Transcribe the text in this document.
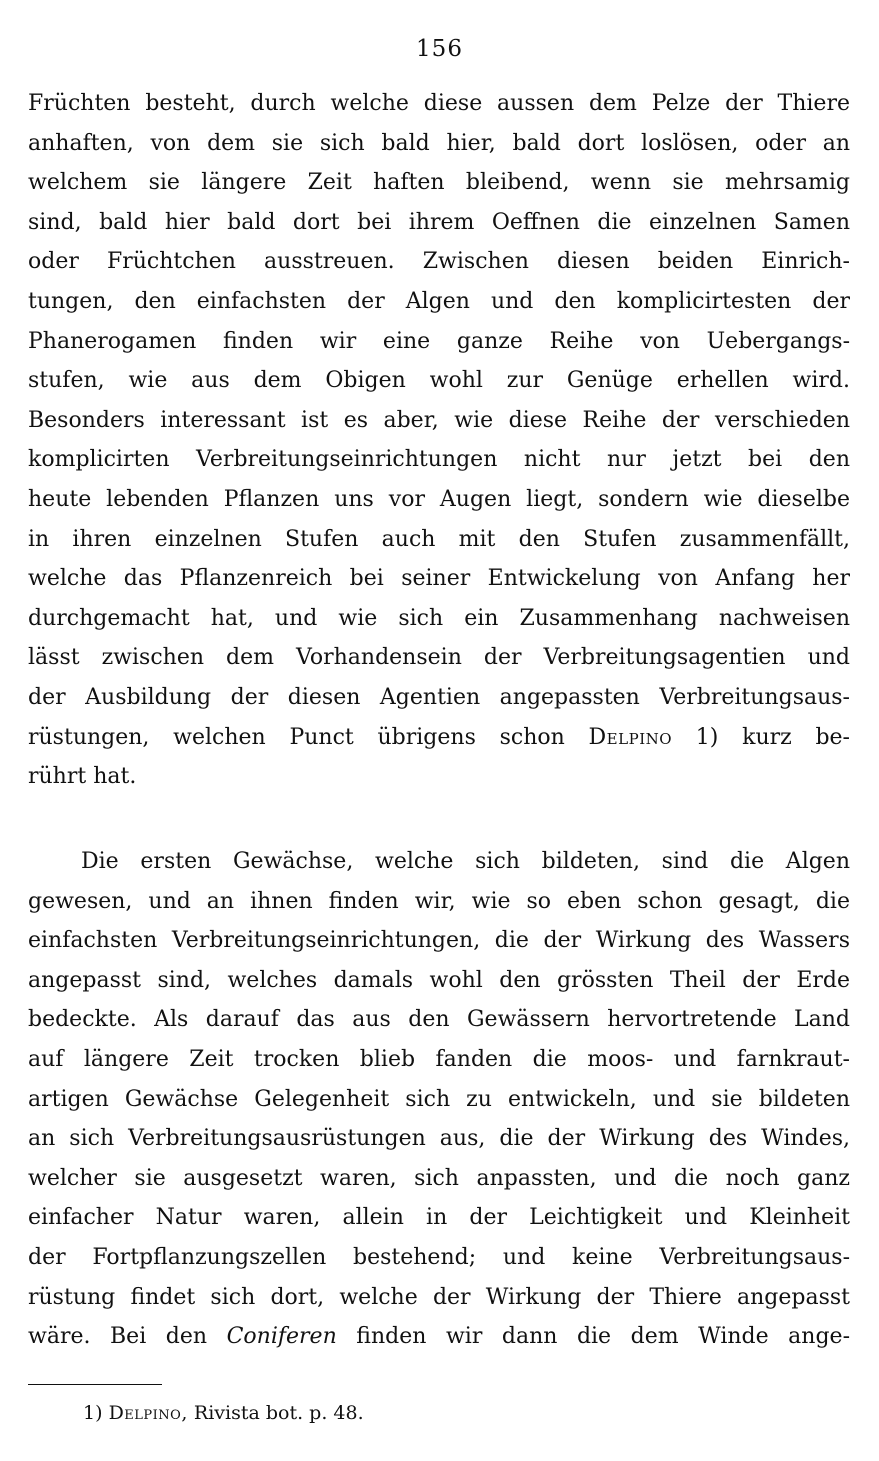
156
Früchten besteht, durch welche diese aussen dem Pelze der Thiere
anhaften, von dem sie sich bald hier, bald dort loslösen, oder an
welchem sie längere Zeit haften bleibend, wenn sie mehrsamig
sind, bald hier bald dort bei ihrem Oeffnen die einzelnen Samen
oder Früchtchen ausstreuen. Zwischen diesen beiden Einrich-
tungen, den einfachsten der Algen und den komplicirtesten der
Phanerogamen finden wir eine ganze Reihe von Uebergangs-
stufen, wie aus dem Obigen wohl zur Genüge erhellen wird.
Besonders interessant ist es aber, wie diese Reihe der verschieden
komplicirten Verbreitungseinrichtungen nicht nur jetzt bei den
heute lebenden Pflanzen uns vor Augen liegt, sondern wie dieselbe
in ihren einzelnen Stufen auch mit den Stufen zusammenfällt,
welche das Pflanzenreich bei seiner Entwickelung von Anfang her
durchgemacht hat, und wie sich ein Zusammenhang nachweisen
lässt zwischen dem Vorhandensein der Verbreitungsagentien und
der Ausbildung der diesen Agentien angepassten Verbreitungsaus-
rüstungen, welchen Punct übrigens schon Delpino 1) kurz be-
rührt hat.
Die ersten Gewächse, welche sich bildeten, sind die Algen
gewesen, und an ihnen finden wir, wie so eben schon gesagt, die
einfachsten Verbreitungseinrichtungen, die der Wirkung des Wassers
angepasst sind, welches damals wohl den grössten Theil der Erde
bedeckte. Als darauf das aus den Gewässern hervortretende Land
auf längere Zeit trocken blieb fanden die moos- und farnkraut-
artigen Gewächse Gelegenheit sich zu entwickeln, und sie bildeten
an sich Verbreitungsausrüstungen aus, die der Wirkung des Windes,
welcher sie ausgesetzt waren, sich anpassten, und die noch ganz
einfacher Natur waren, allein in der Leichtigkeit und Kleinheit
der Fortpflanzungszellen bestehend; und keine Verbreitungsaus-
rüstung findet sich dort, welche der Wirkung der Thiere angepasst
wäre. Bei den Coniferen finden wir dann die dem Winde ange-
1) Delpino, Rivista bot. p. 48.
